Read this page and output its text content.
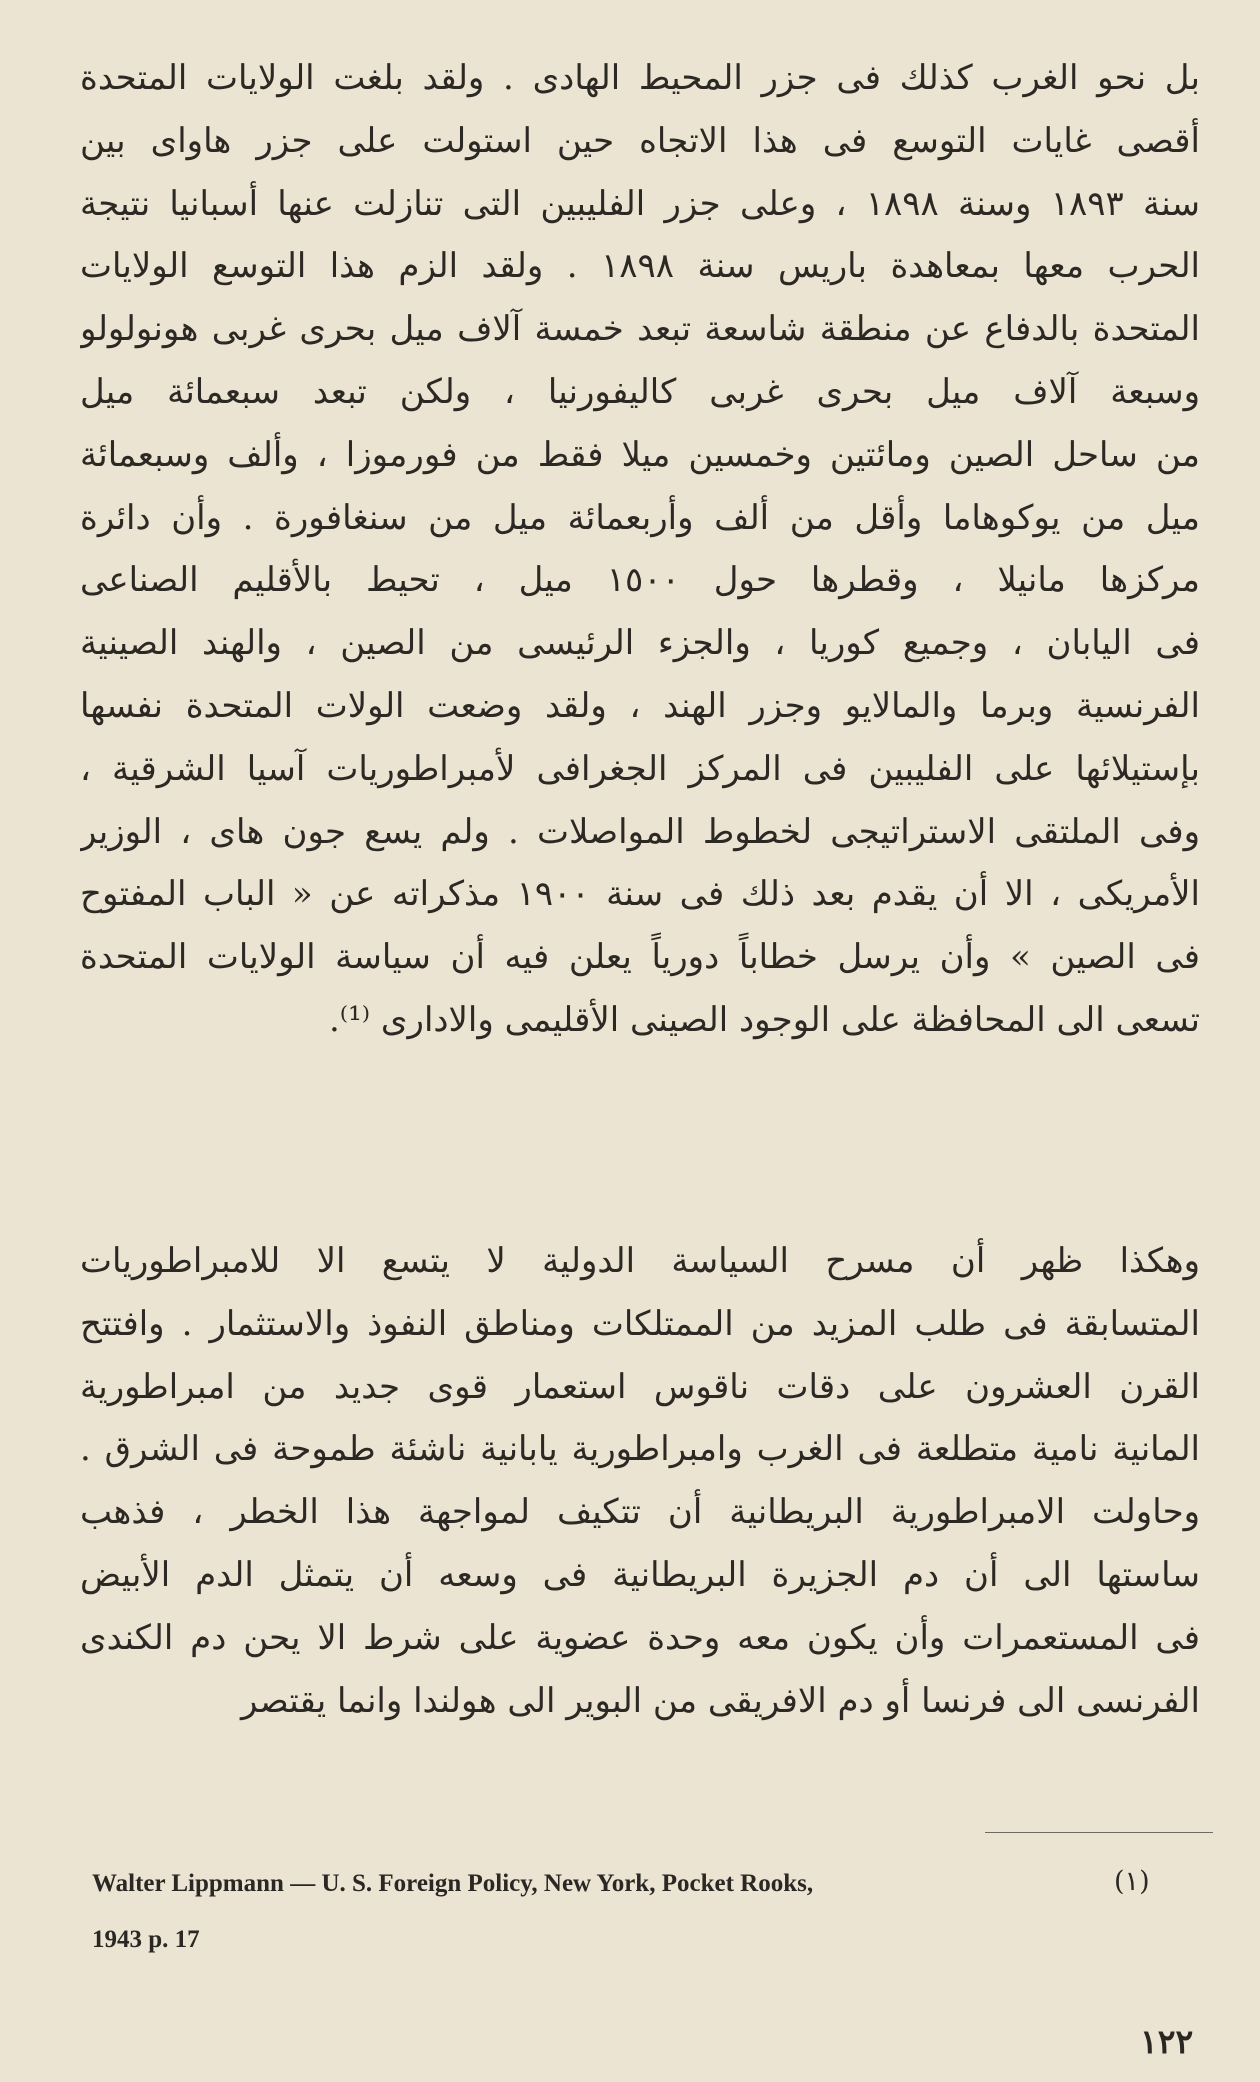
بل نحو الغرب كذلك فى جزر المحيط الهادى . ولقد بلغت الولايات المتحدة
أقصى غايات التوسع فى هذا الاتجاه حين استولت على جزر هاواى بين
سنة ١٨٩٣ وسنة ١٨٩٨ ، وعلى جزر الفليبين التى تنازلت عنها أسبانيا نتيجة
الحرب معها بمعاهدة باريس سنة ١٨٩٨ . ولقد الزم هذا التوسع الولايات
المتحدة بالدفاع عن منطقة شاسعة تبعد خمسة آلاف ميل بحرى غربى هونولولو
وسبعة آلاف ميل بحرى غربى كاليفورنيا ، ولكن تبعد سبعمائة ميل
من ساحل الصين ومائتين وخمسين ميلا فقط من فورموزا ، وألف وسبعمائة
ميل من يوكوهاما وأقل من ألف وأربعمائة ميل من سنغافورة . وأن دائرة
مركزها مانيلا ، وقطرها حول ١٥٠٠ ميل ، تحيط بالأقليم الصناعى
فى اليابان ، وجميع كوريا ، والجزء الرئيسى من الصين ، والهند الصينية
الفرنسية وبرما والمالايو وجزر الهند ، ولقد وضعت الولات المتحدة نفسها
بإستيلائها على الفليبين فى المركز الجغرافى لأمبراطوريات آسيا الشرقية ،
وفى الملتقى الاستراتيجى لخطوط المواصلات . ولم يسع جون هاى ، الوزير
الأمريكى ، الا أن يقدم بعد ذلك فى سنة ١٩٠٠ مذكراته عن « الباب المفتوح
فى الصين » وأن يرسل خطاباً دورياً يعلن فيه أن سياسة الولايات المتحدة
تسعى الى المحافظة على الوجود الصينى الأقليمى والادارى ⁽¹⁾.
وهكذا ظهر أن مسرح السياسة الدولية لا يتسع الا للامبراطوريات
المتسابقة فى طلب المزيد من الممتلكات ومناطق النفوذ والاستثمار . وافتتح
القرن العشرون على دقات ناقوس استعمار قوى جديد من امبراطورية
المانية نامية متطلعة فى الغرب وامبراطورية يابانية ناشئة طموحة فى الشرق .
وحاولت الامبراطورية البريطانية أن تتكيف لمواجهة هذا الخطر ، فذهب
ساستها الى أن دم الجزيرة البريطانية فى وسعه أن يتمثل الدم الأبيض
فى المستعمرات وأن يكون معه وحدة عضوية على شرط الا يحن دم الكندى
الفرنسى الى فرنسا أو دم الافريقى من البوير الى هولندا وانما يقتصر
Walter Lippmann — U. S. Foreign Policy, New York, Pocket Rooks,	(١)
1943 p. 17
١٢٢
